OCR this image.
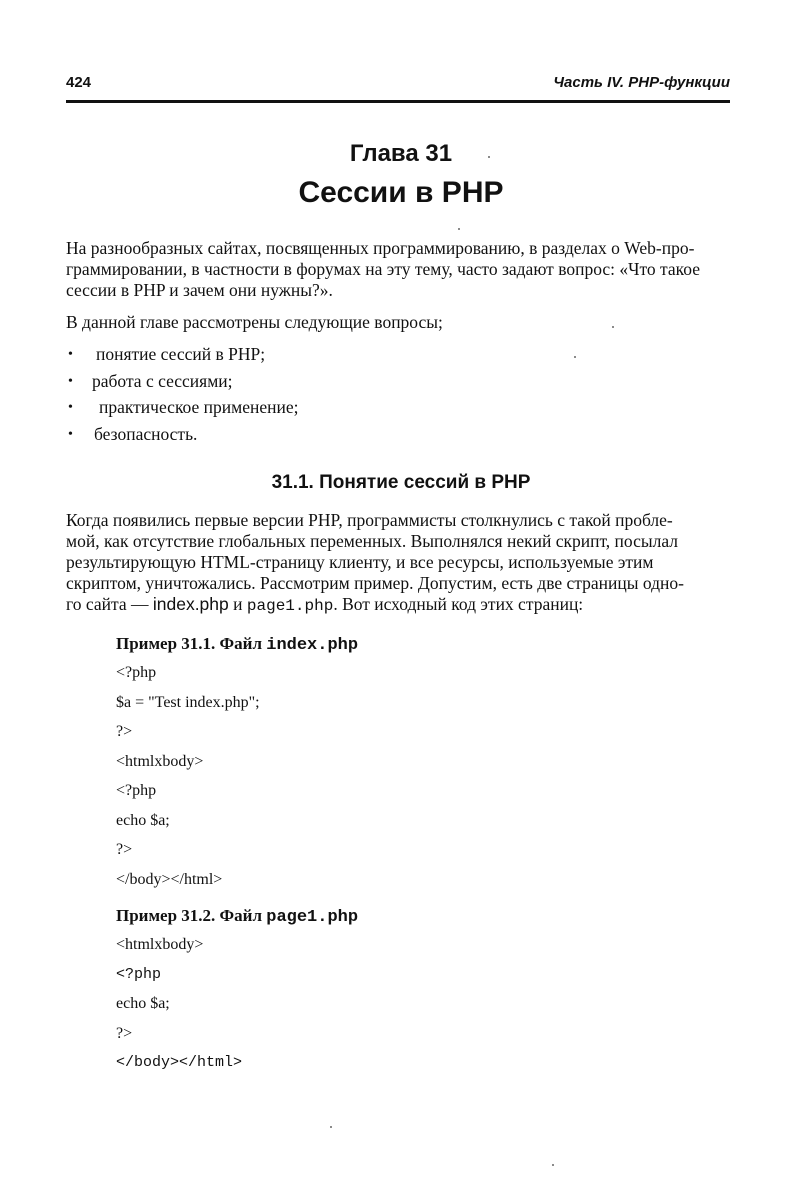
424	Часть IV. PHP-функции
Глава 31
Сессии в PHP
На разнообразных сайтах, посвященных программированию, в разделах о Web-про-
граммировании, в частности в форумах на эту тему, часто задают вопрос: «Что такое
сессии в PHP и зачем они нужны?».
В данной главе рассмотрены следующие вопросы;
• понятие сессий в PHP;
• работа с сессиями;
• практическое применение;
• безопасность.
31.1. Понятие сессий в PHP
Когда появились первые версии PHP, программисты столкнулись с такой пробле-
мой, как отсутствие глобальных переменных. Выполнялся некий скрипт, посылал
результирующую HTML-страницу клиенту, и все ресурсы, используемые этим
скриптом, уничтожались. Рассмотрим пример. Допустим, есть две страницы одно-
го сайта — index.php и page1.php. Вот исходный код этих страниц:
Пример 31.1. Файл index.php
<?php
$a = "Test index.php";
?>
<htmlxbody>
<?php
echo $a;
?>
</body></html>
Пример 31.2. Файл page1.php
<htmlxbody>
<?php
echo $a;
?>
</body></html>
